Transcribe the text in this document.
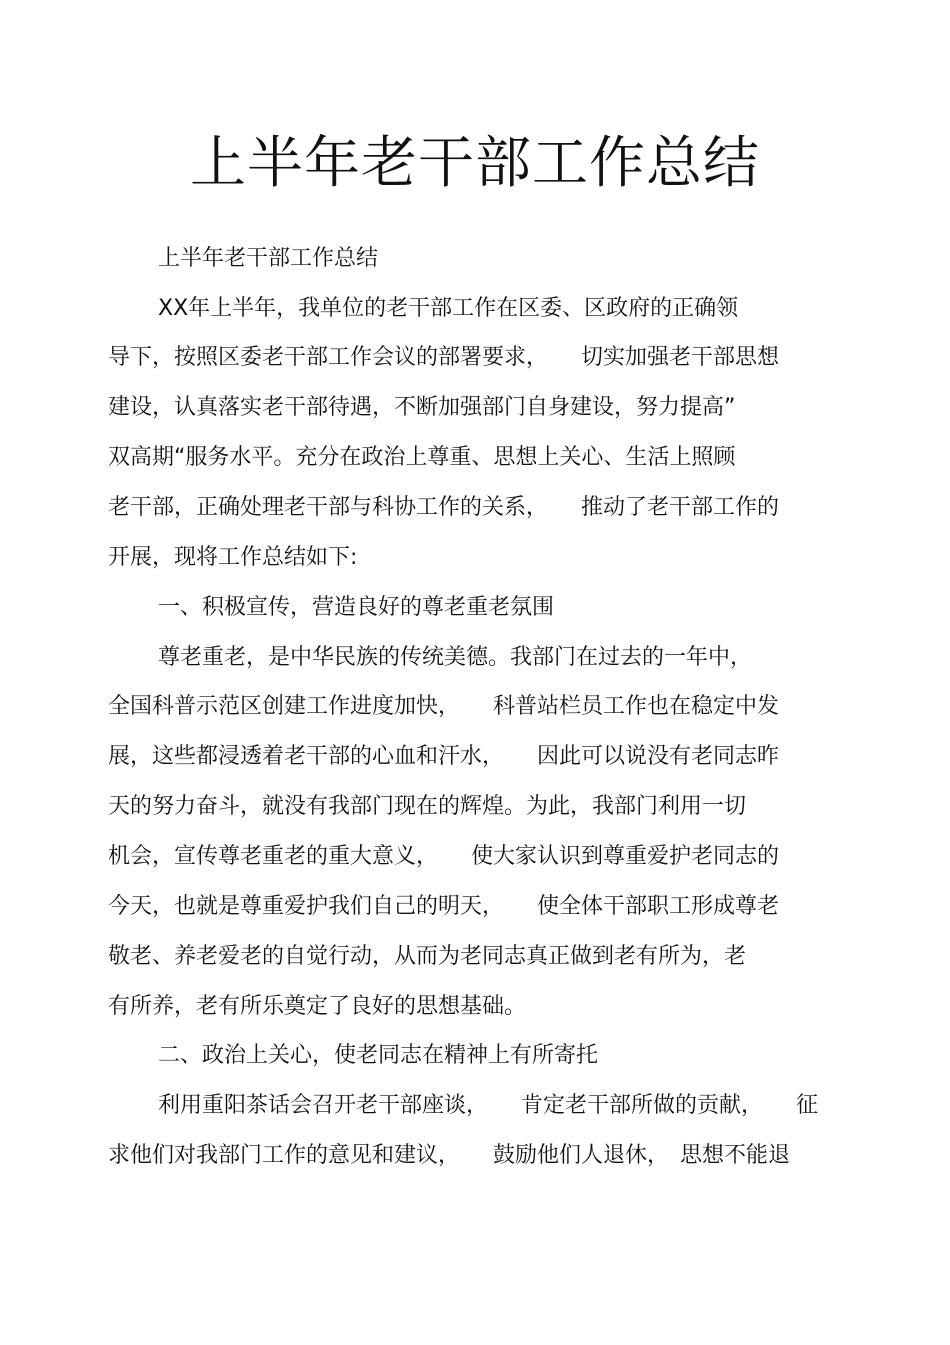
上半年老干部工作总结
上半年老干部工作总结
XX年上半年，我单位的老干部工作在区委、区政府的正确领
导下，按照区委老干部工作会议的部署要求，　　切实加强老干部思想
建设，认真落实老干部待遇，不断加强部门自身建设，努力提高”
双高期“服务水平。充分在政治上尊重、思想上关心、生活上照顾
老干部，正确处理老干部与科协工作的关系，　　推动了老干部工作的
开展，现将工作总结如下:
一、积极宣传，营造良好的尊老重老氛围
尊老重老，是中华民族的传统美德。我部门在过去的一年中，
全国科普示范区创建工作进度加快，　　科普站栏员工作也在稳定中发
展，这些都浸透着老干部的心血和汗水，　　因此可以说没有老同志昨
天的努力奋斗，就没有我部门现在的辉煌。为此，我部门利用一切
机会，宣传尊老重老的重大意义，　　使大家认识到尊重爱护老同志的
今天，也就是尊重爱护我们自己的明天，　　使全体干部职工形成尊老
敬老、养老爱老的自觉行动，从而为老同志真正做到老有所为，老
有所养，老有所乐奠定了良好的思想基础。
二、政治上关心，使老同志在精神上有所寄托
利用重阳茶话会召开老干部座谈，　　肯定老干部所做的贡献，　　征
求他们对我部门工作的意见和建议，　　鼓励他们人退休，　思想不能退
